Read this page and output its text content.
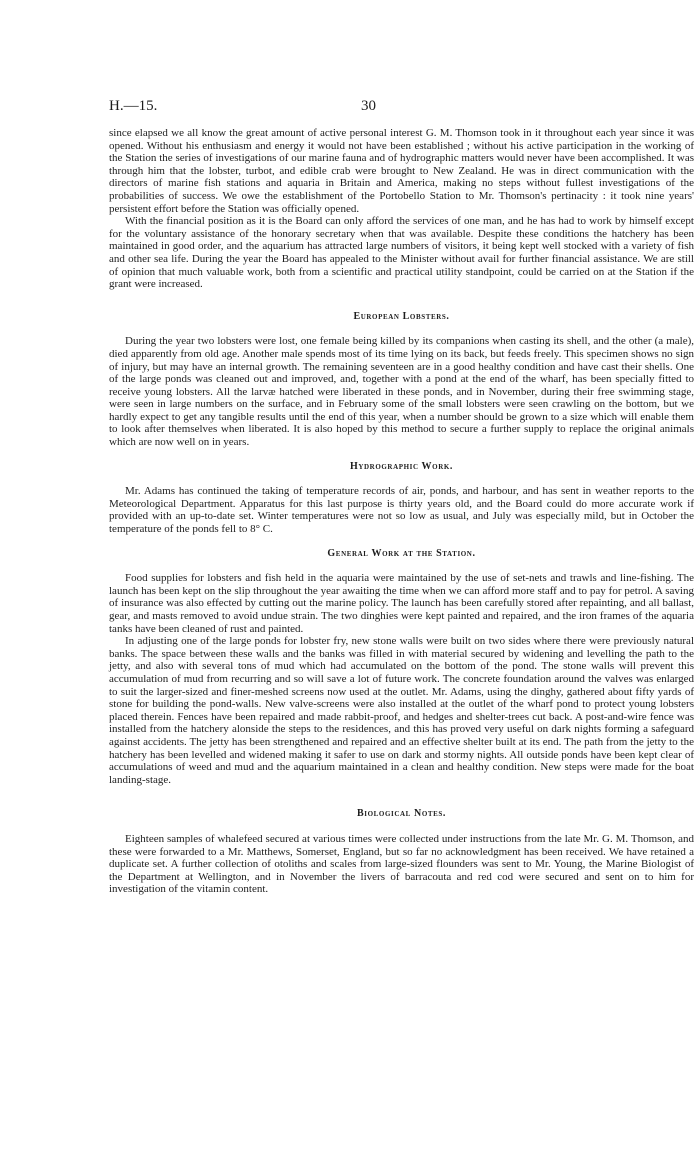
H.—15.	30

since elapsed we all know the great amount of active personal interest G. M. Thomson took in it throughout each year since it was opened. Without his enthusiasm and energy it would not have been established ; without his active participation in the working of the Station the series of investigations of our marine fauna and of hydrographic matters would never have been accomplished. It was through him that the lobster, turbot, and edible crab were brought to New Zealand. He was in direct communication with the directors of marine fish stations and aquaria in Britain and America, making no steps without fullest investigations of the probabilities of success. We owe the establishment of the Portobello Station to Mr. Thomson's pertinacity : it took nine years' persistent effort before the Station was officially opened.

With the financial position as it is the Board can only afford the services of one man, and he has had to work by himself except for the voluntary assistance of the honorary secretary when that was available. Despite these conditions the hatchery has been maintained in good order, and the aquarium has attracted large numbers of visitors, it being kept well stocked with a variety of fish and other sea life. During the year the Board has appealed to the Minister without avail for further financial assistance. We are still of opinion that much valuable work, both from a scientific and practical utility standpoint, could be carried on at the Station if the grant were increased.

European Lobsters.

During the year two lobsters were lost, one female being killed by its companions when casting its shell, and the other (a male), died apparently from old age. Another male spends most of its time lying on its back, but feeds freely. This specimen shows no sign of injury, but may have an internal growth. The remaining seventeen are in a good healthy condition and have cast their shells. One of the large ponds was cleaned out and improved, and, together with a pond at the end of the wharf, has been specially fitted to receive young lobsters. All the larvæ hatched were liberated in these ponds, and in November, during their free swimming stage, were seen in large numbers on the surface, and in February some of the small lobsters were seen crawling on the bottom, but we hardly expect to get any tangible results until the end of this year, when a number should be grown to a size which will enable them to look after themselves when liberated. It is also hoped by this method to secure a further supply to replace the original animals which are now well on in years.

Hydrographic Work.

Mr. Adams has continued the taking of temperature records of air, ponds, and harbour, and has sent in weather reports to the Meteorological Department. Apparatus for this last purpose is thirty years old, and the Board could do more accurate work if provided with an up-to-date set. Winter temperatures were not so low as usual, and July was especially mild, but in October the temperature of the ponds fell to 8° C.

General Work at the Station.

Food supplies for lobsters and fish held in the aquaria were maintained by the use of set-nets and trawls and line-fishing. The launch has been kept on the slip throughout the year awaiting the time when we can afford more staff and to pay for petrol. A saving of insurance was also effected by cutting out the marine policy. The launch has been carefully stored after repainting, and all ballast, gear, and masts removed to avoid undue strain. The two dinghies were kept painted and repaired, and the iron frames of the aquaria tanks have been cleaned of rust and painted.

In adjusting one of the large ponds for lobster fry, new stone walls were built on two sides where there were previously natural banks. The space between these walls and the banks was filled in with material secured by widening and levelling the path to the jetty, and also with several tons of mud which had accumulated on the bottom of the pond. The stone walls will prevent this accumulation of mud from recurring and so will save a lot of future work. The concrete foundation around the valves was enlarged to suit the larger-sized and finer-meshed screens now used at the outlet. Mr. Adams, using the dinghy, gathered about fifty yards of stone for building the pond-walls. New valve-screens were also installed at the outlet of the wharf pond to protect young lobsters placed therein. Fences have been repaired and made rabbit-proof, and hedges and shelter-trees cut back. A post-and-wire fence was installed from the hatchery alonside the steps to the residences, and this has proved very useful on dark nights forming a safeguard against accidents. The jetty has been strengthened and repaired and an effective shelter built at its end. The path from the jetty to the hatchery has been levelled and widened making it safer to use on dark and stormy nights. All outside ponds have been kept clear of accumulations of weed and mud and the aquarium maintained in a clean and healthy condition. New steps were made for the boat landing-stage.

Biological Notes.

Eighteen samples of whalefeed secured at various times were collected under instructions from the late Mr. G. M. Thomson, and these were forwarded to a Mr. Matthews, Somerset, England, but so far no acknowledgment has been received. We have retained a duplicate set. A further collection of otoliths and scales from large-sized flounders was sent to Mr. Young, the Marine Biologist of the Department at Wellington, and in November the livers of barracouta and red cod were secured and sent on to him for investigation of the vitamin content.
